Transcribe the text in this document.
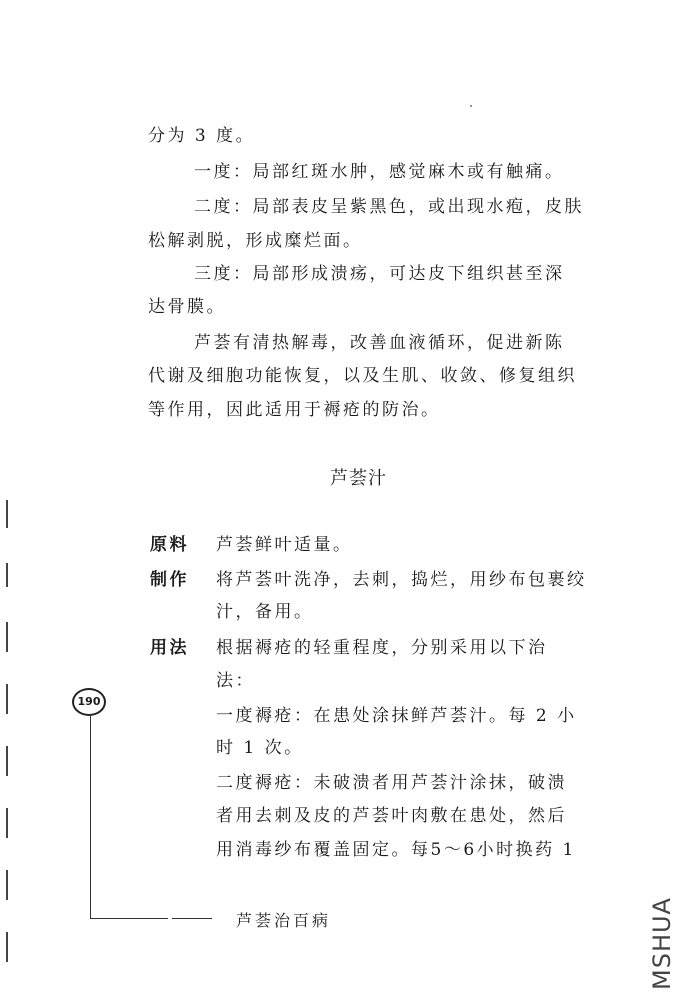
分为 3 度。
一度：局部红斑水肿，感觉麻木或有触痛。
二度：局部表皮呈紫黑色，或出现水疱，皮肤
松解剥脱，形成糜烂面。
三度：局部形成溃疡，可达皮下组织甚至深
达骨膜。
芦荟有清热解毒，改善血液循环，促进新陈
代谢及细胞功能恢复，以及生肌、收敛、修复组织
等作用，因此适用于褥疮的防治。
芦荟汁
原料 芦荟鲜叶适量。
制作 将芦荟叶洗净，去刺，捣烂，用纱布包裹绞
汁，备用。
用法 根据褥疮的轻重程度，分别采用以下治
法：
一度褥疮：在患处涂抹鲜芦荟汁。每 2 小
时 1 次。
二度褥疮：未破溃者用芦荟汁涂抹，破溃
者用去刺及皮的芦荟叶肉敷在患处，然后
用消毒纱布覆盖固定。每5～6小时换药 1
190
芦荟治百病	MSHUA
